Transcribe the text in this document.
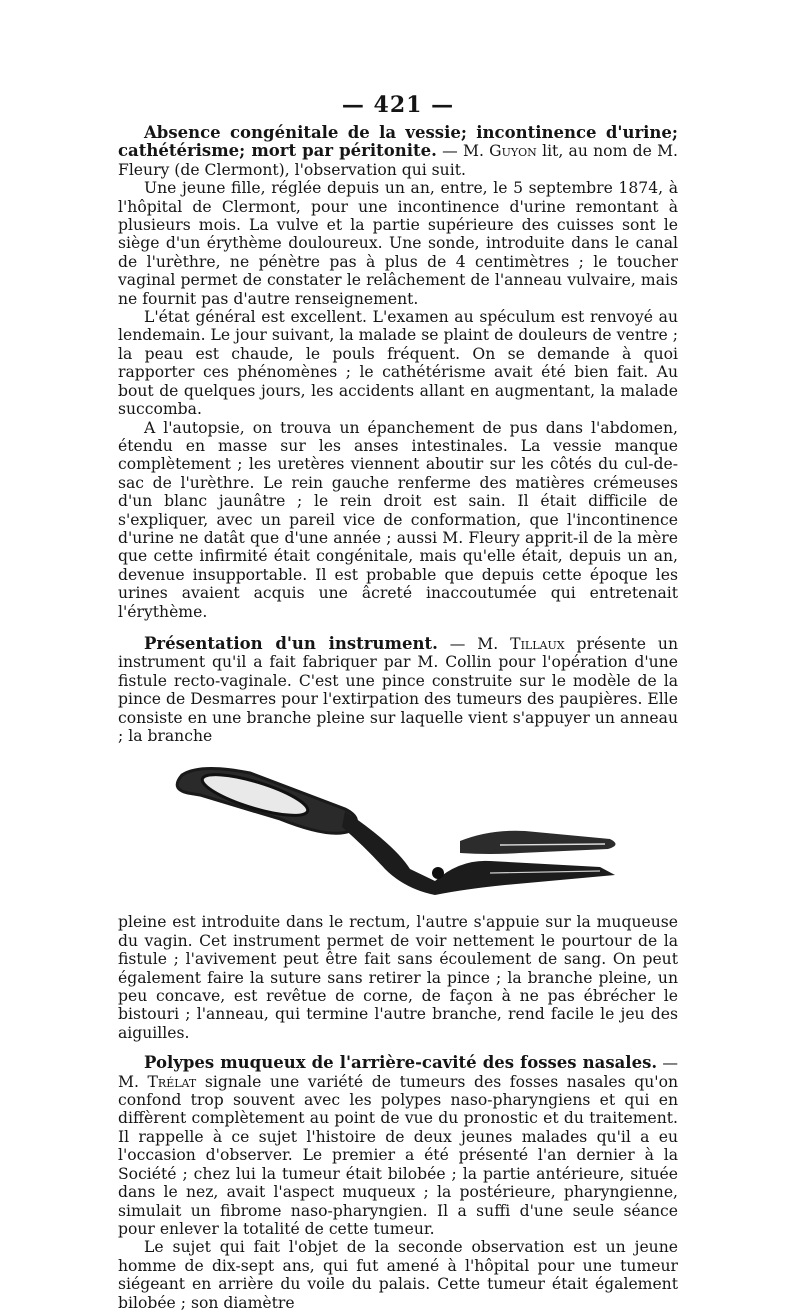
— 421 —

Absence congénitale de la vessie; incontinence d'urine; cathétérisme; mort par péritonite. — M. Guyon lit, au nom de M. Fleury (de Clermont), l'observation qui suit.

Une jeune fille, réglée depuis un an, entre, le 5 septembre 1874, à l'hôpital de Clermont, pour une incontinence d'urine remontant à plusieurs mois. La vulve et la partie supérieure des cuisses sont le siège d'un érythème douloureux. Une sonde, introduite dans le canal de l'urèthre, ne pénètre pas à plus de 4 centimètres ; le toucher vaginal permet de constater le relâchement de l'anneau vulvaire, mais ne fournit pas d'autre renseignement.

L'état général est excellent. L'examen au spéculum est renvoyé au lendemain. Le jour suivant, la malade se plaint de douleurs de ventre ; la peau est chaude, le pouls fréquent. On se demande à quoi rapporter ces phénomènes ; le cathétérisme avait été bien fait. Au bout de quelques jours, les accidents allant en augmentant, la malade succomba.

A l'autopsie, on trouva un épanchement de pus dans l'abdomen, étendu en masse sur les anses intestinales. La vessie manque complètement ; les uretères viennent aboutir sur les côtés du cul-de-sac de l'urèthre. Le rein gauche renferme des matières crémeuses d'un blanc jaunâtre ; le rein droit est sain. Il était difficile de s'expliquer, avec un pareil vice de conformation, que l'incontinence d'urine ne datât que d'une année ; aussi M. Fleury apprit-il de la mère que cette infirmité était congénitale, mais qu'elle était, depuis un an, devenue insupportable. Il est probable que depuis cette époque les urines avaient acquis une âcreté inaccoutumée qui entretenait l'érythème.

Présentation d'un instrument. — M. Tillaux présente un instrument qu'il a fait fabriquer par M. Collin pour l'opération d'une fistule recto-vaginale. C'est une pince construite sur le modèle de la pince de Desmarres pour l'extirpation des tumeurs des paupières. Elle consiste en une branche pleine sur laquelle vient s'appuyer un anneau ; la branche

pleine est introduite dans le rectum, l'autre s'appuie sur la muqueuse du vagin. Cet instrument permet de voir nettement le pourtour de la fistule ; l'avivement peut être fait sans écoulement de sang. On peut également faire la suture sans retirer la pince ; la branche pleine, un peu concave, est revêtue de corne, de façon à ne pas ébrécher le bistouri ; l'anneau, qui termine l'autre branche, rend facile le jeu des aiguilles.

Polypes muqueux de l'arrière-cavité des fosses nasales. — M. Trélat signale une variété de tumeurs des fosses nasales qu'on confond trop souvent avec les polypes naso-pharyngiens et qui en diffèrent complètement au point de vue du pronostic et du traitement. Il rappelle à ce sujet l'histoire de deux jeunes malades qu'il a eu l'occasion d'observer. Le premier a été présenté l'an dernier à la Société ; chez lui la tumeur était bilobée ; la partie antérieure, située dans le nez, avait l'aspect muqueux ; la postérieure, pharyngienne, simulait un fibrome naso-pharyngien. Il a suffi d'une seule séance pour enlever la totalité de cette tumeur.

Le sujet qui fait l'objet de la seconde observation est un jeune homme de dix-sept ans, qui fut amené à l'hôpital pour une tumeur siégeant en arrière du voile du palais. Cette tumeur était également bilobée ; son diamètre
